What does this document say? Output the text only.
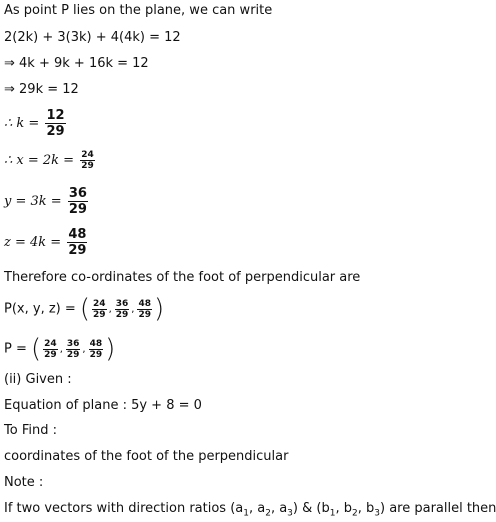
As point P lies on the plane, we can write
2(2k) + 3(3k) + 4(4k) = 12
⇒ 4k + 9k + 16k = 12
⇒ 29k = 12
∴ $k = \frac{12}{29}$
∴ $x = 2k = \frac{24}{29}$
$y = 3k = \frac{36}{29}$
$z = 4k = \frac{48}{29}$
Therefore co-ordinates of the foot of perpendicular are
P(x, y, z) = ( $\frac{24}{29}$ , $\frac{36}{29}$ , $\frac{48}{29}$ )
P = ( $\frac{24}{29}$ , $\frac{36}{29}$ , $\frac{48}{29}$ )
(ii) Given :
Equation of plane : 5y + 8 = 0
To Find :
coordinates of the foot of the perpendicular
Note :
If two vectors with direction ratios ($a_1$, $a_2$, $a_3$) & ($b_1$, $b_2$, $b_3$) are parallel then
